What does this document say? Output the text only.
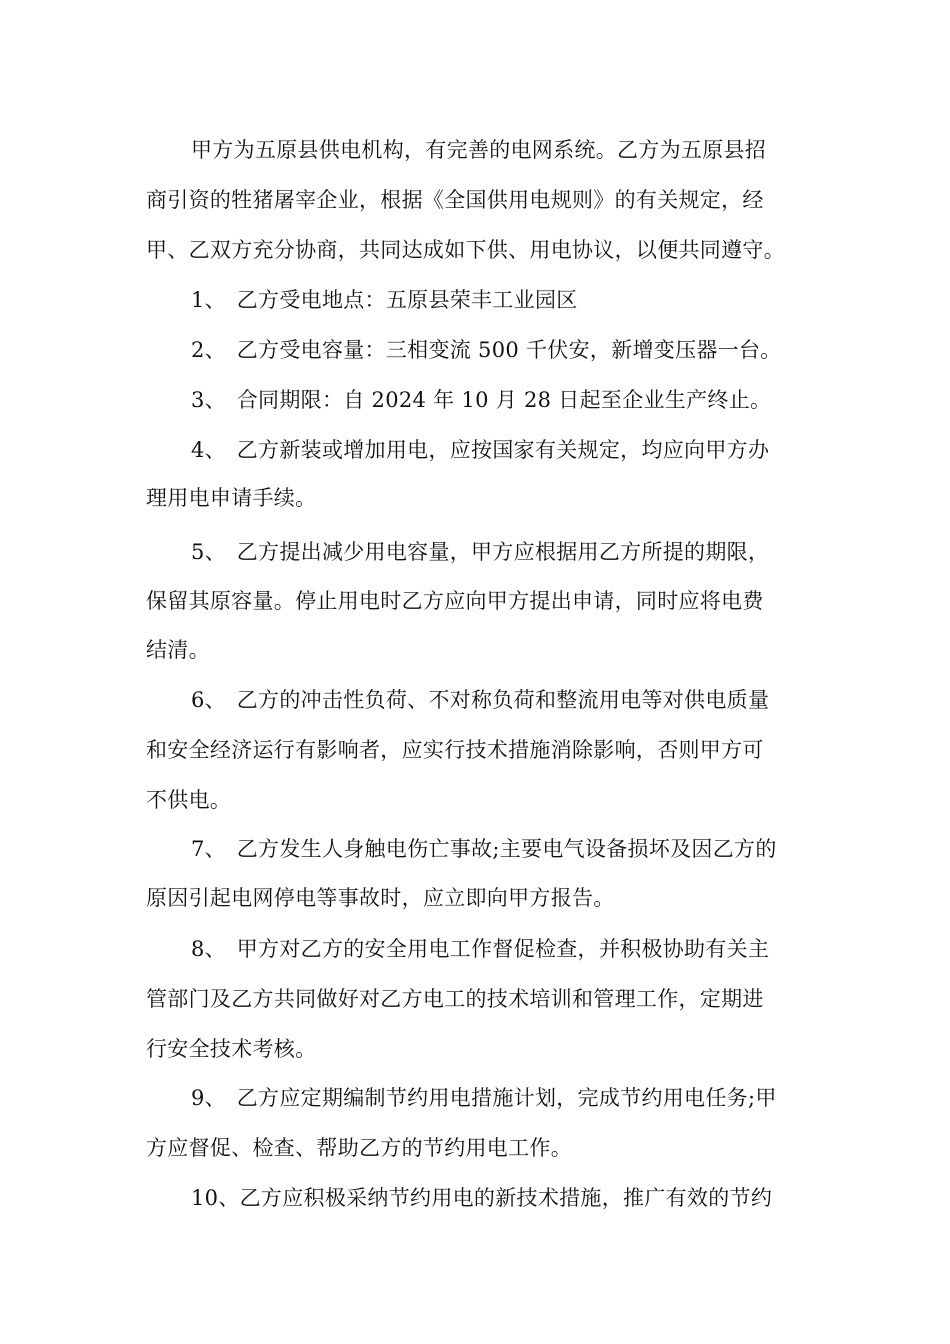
甲方为五原县供电机构，有完善的电网系统。乙方为五原县招
商引资的牲猪屠宰企业，根据《全国供用电规则》的有关规定，经
甲、乙双方充分协商，共同达成如下供、用电协议，以便共同遵守。
1、　乙方受电地点：五原县荣丰工业园区
2、　乙方受电容量：三相变流 500 千伏安，新增变压器一台。
3、　合同期限：自 2024 年 10 月 28 日起至企业生产终止。
4、　乙方新装或增加用电，应按国家有关规定，均应向甲方办
理用电申请手续。
5、　乙方提出减少用电容量，甲方应根据用乙方所提的期限，
保留其原容量。停止用电时乙方应向甲方提出申请，同时应将电费
结清。
6、　乙方的冲击性负荷、不对称负荷和整流用电等对供电质量
和安全经济运行有影响者，应实行技术措施消除影响，否则甲方可
不供电。
7、　乙方发生人身触电伤亡事故;主要电气设备损坏及因乙方的
原因引起电网停电等事故时，应立即向甲方报告。
8、　甲方对乙方的安全用电工作督促检查，并积极协助有关主
管部门及乙方共同做好对乙方电工的技术培训和管理工作，定期进
行安全技术考核。
9、　乙方应定期编制节约用电措施计划，完成节约用电任务;甲
方应督促、检查、帮助乙方的节约用电工作。
10、乙方应积极采纳节约用电的新技术措施，推广有效的节约
